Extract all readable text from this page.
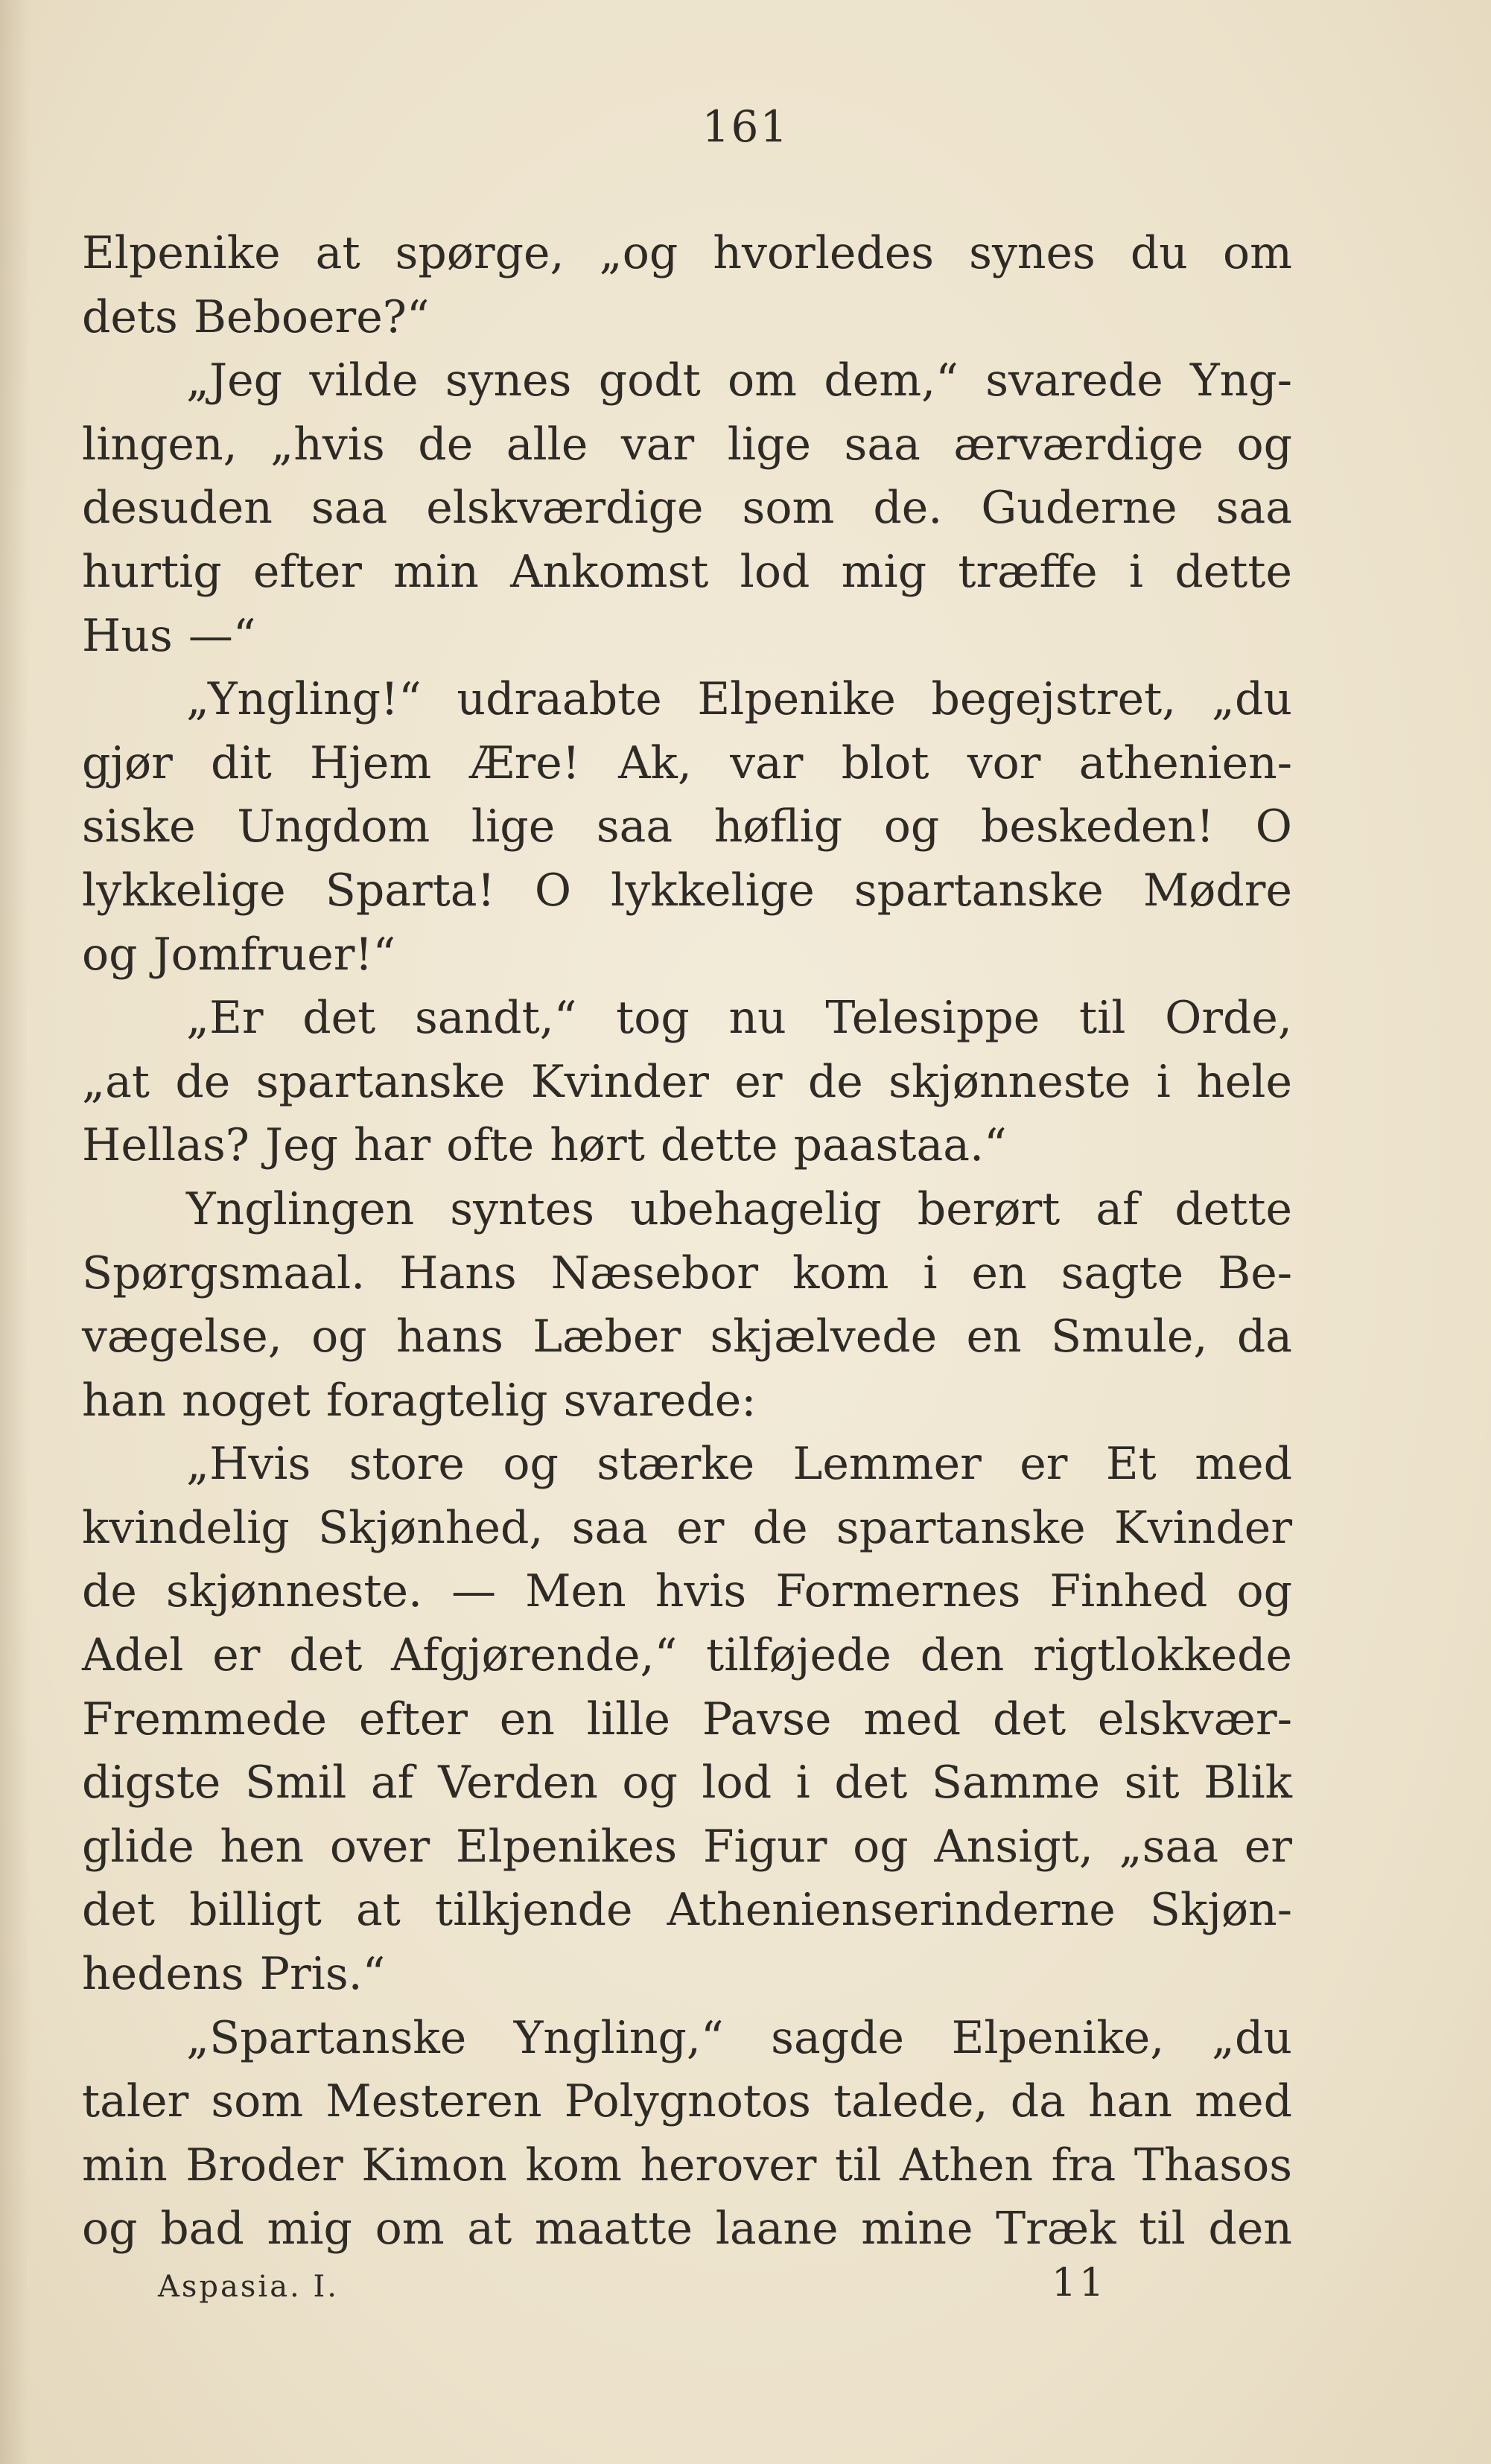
161
Elpenike at spørge, „og hvorledes synes du om
dets Beboere?“
„Jeg vilde synes godt om dem,“ svarede Yng-
lingen, „hvis de alle var lige saa ærværdige og
desuden saa elskværdige som de. Guderne saa
hurtig efter min Ankomst lod mig træffe i dette
Hus —“
„Yngling!“ udraabte Elpenike begejstret, „du
gjør dit Hjem Ære! Ak, var blot vor athenien-
siske Ungdom lige saa høflig og beskeden! O
lykkelige Sparta! O lykkelige spartanske Mødre
og Jomfruer!“
„Er det sandt,“ tog nu Telesippe til Orde,
„at de spartanske Kvinder er de skjønneste i hele
Hellas? Jeg har ofte hørt dette paastaa.“
Ynglingen syntes ubehagelig berørt af dette
Spørgsmaal. Hans Næsebor kom i en sagte Be-
vægelse, og hans Læber skjælvede en Smule, da
han noget foragtelig svarede:
„Hvis store og stærke Lemmer er Et med
kvindelig Skjønhed, saa er de spartanske Kvinder
de skjønneste. — Men hvis Formernes Finhed og
Adel er det Afgjørende,“ tilføjede den rigtlokkede
Fremmede efter en lille Pavse med det elskvær-
digste Smil af Verden og lod i det Samme sit Blik
glide hen over Elpenikes Figur og Ansigt, „saa er
det billigt at tilkjende Athenienserinderne Skjøn-
hedens Pris.“
„Spartanske Yngling,“ sagde Elpenike, „du
taler som Mesteren Polygnotos talede, da han med
min Broder Kimon kom herover til Athen fra Thasos
og bad mig om at maatte laane mine Træk til den
Aspasia. I.	11
